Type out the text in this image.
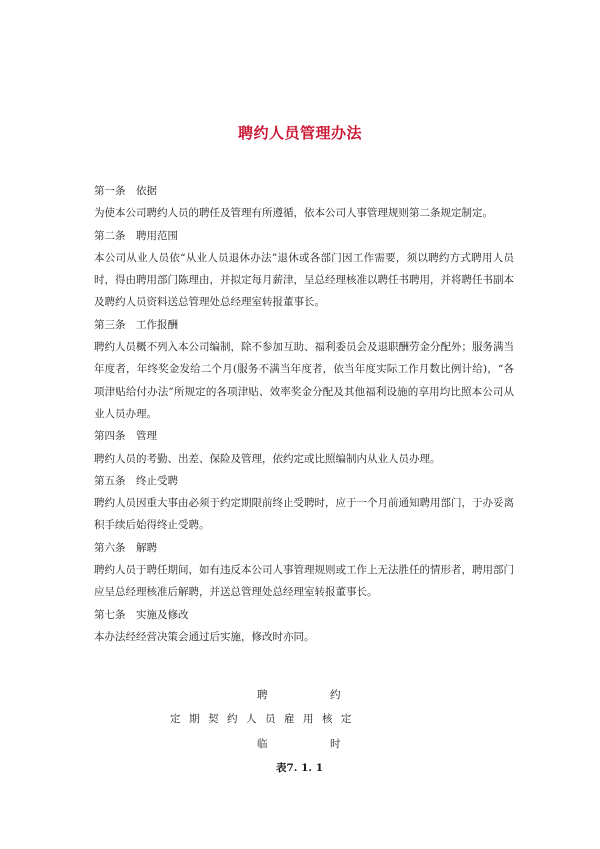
聘约人员管理办法
第一条　依据
为使本公司聘约人员的聘任及管理有所遵循，依本公司人事管理规则第二条规定制定。
第二条　聘用范围
本公司从业人员依“从业人员退休办法”退休或各部门因工作需要，须以聘约方式聘用人员时，得由聘用部门陈理由，并拟定每月薪津，呈总经理核准以聘任书聘用，并将聘任书副本及聘约人员资料送总管理处总经理室转报董事长。
第三条　工作报酬
聘约人员概不列入本公司编制，除不参加互助、福利委员会及退职酬劳金分配外；服务满当年度者，年终奖金发给二个月(服务不满当年度者，依当年度实际工作月数比例计给)，“各项津贴给付办法”所规定的各项津贴、效率奖金分配及其他福利设施的享用均比照本公司从业人员办理。
第四条　管理
聘约人员的考勤、出差、保险及管理，依约定或比照编制内从业人员办理。
第五条　终止受聘
聘约人员因重大事由必须于约定期限前终止受聘时，应于一个月前通知聘用部门，于办妥离积手续后始得终止受聘。
第六条　解聘
聘约人员于聘任期间，如有违反本公司人事管理规则或工作上无法胜任的情形者，聘用部门应呈总经理核准后解聘，并送总管理处总经理室转报董事长。
第七条　实施及修改
本办法经经营决策会通过后实施，修改时亦同。
聘	约
定期契约人员雇用核定
临	时
表7. 1. 1
